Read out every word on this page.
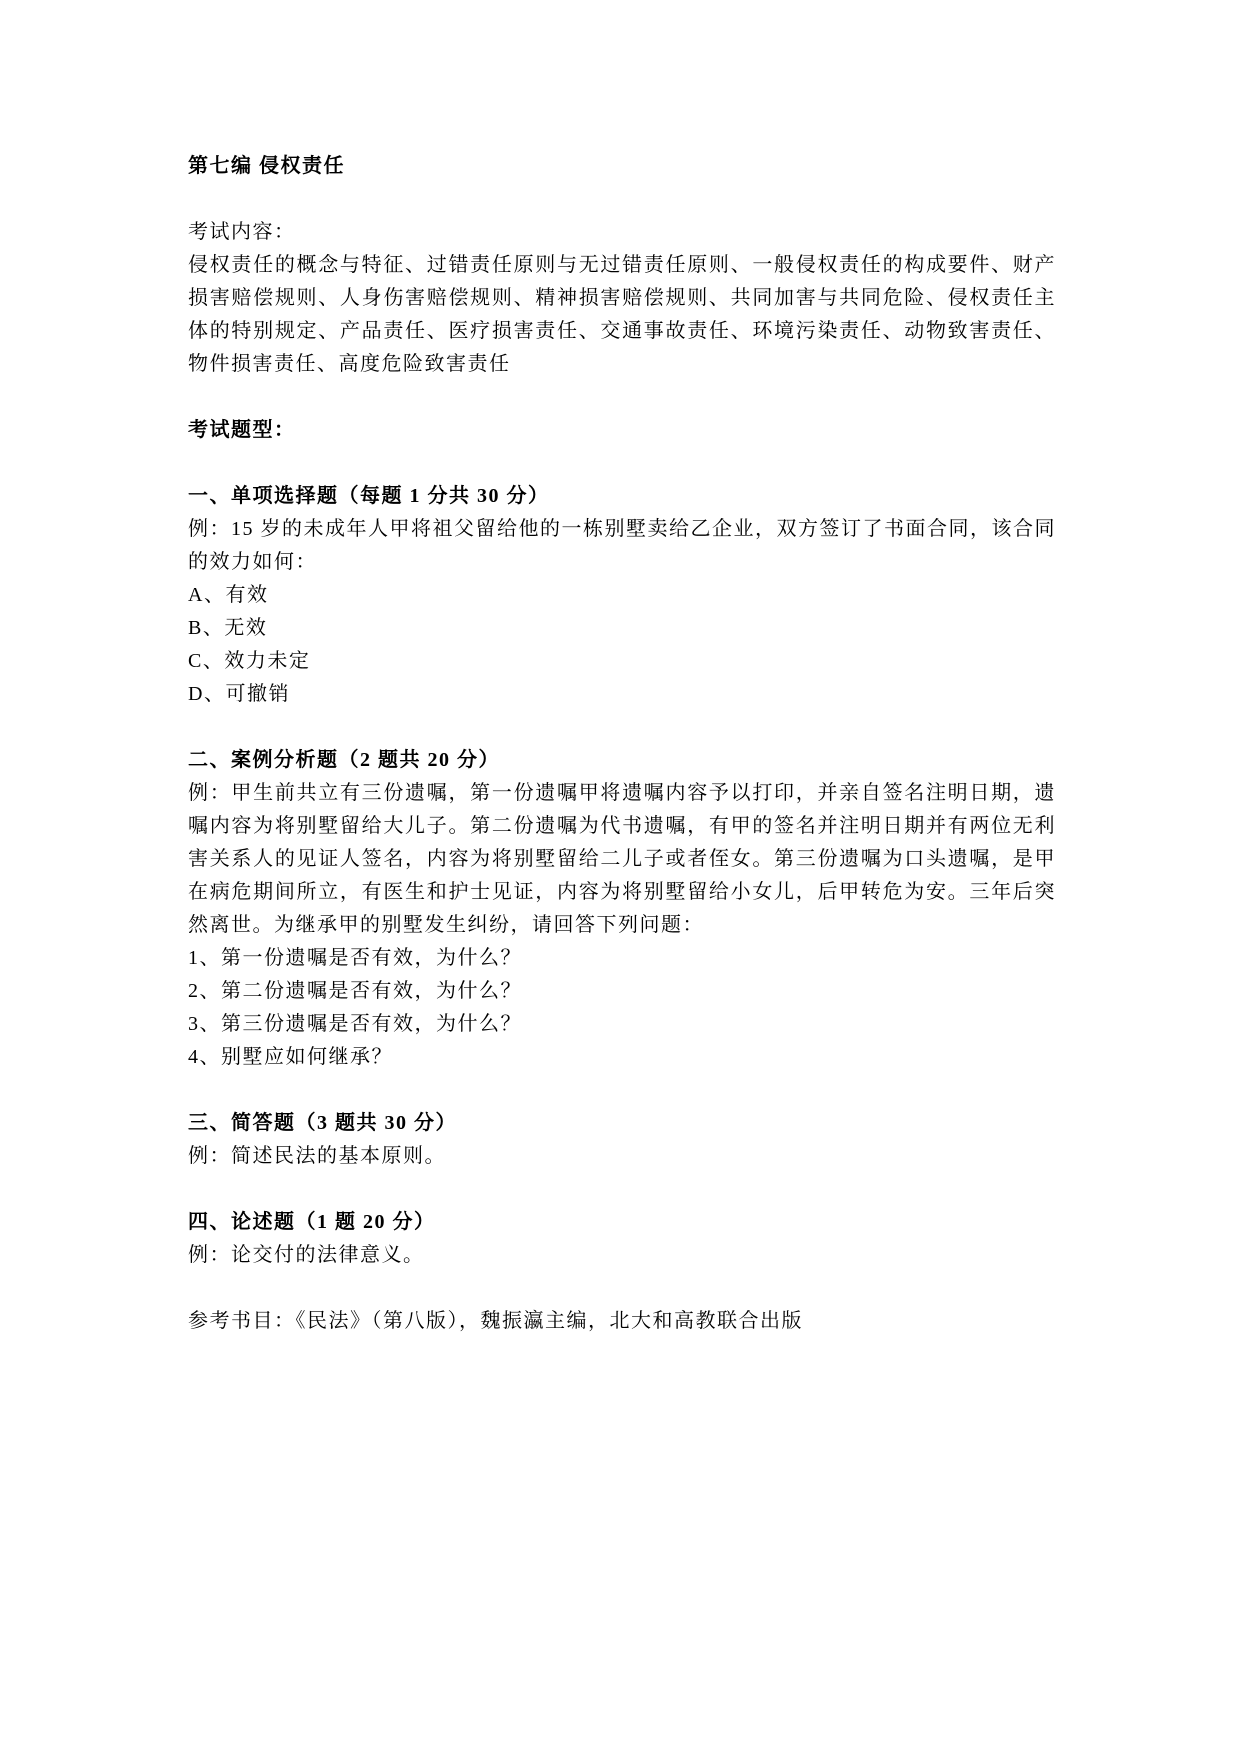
第七编 侵权责任

考试内容：

侵权责任的概念与特征、过错责任原则与无过错责任原则、一般侵权责任的构成要件、财产损害赔偿规则、人身伤害赔偿规则、精神损害赔偿规则、共同加害与共同危险、侵权责任主体的特别规定、产品责任、医疗损害责任、交通事故责任、环境污染责任、动物致害责任、物件损害责任、高度危险致害责任

考试题型：

一、单项选择题（每题 1 分共 30 分）

例：15 岁的未成年人甲将祖父留给他的一栋别墅卖给乙企业，双方签订了书面合同，该合同的效力如何：

A、有效

B、无效

C、效力未定

D、可撤销

二、案例分析题（2 题共 20 分）

例：甲生前共立有三份遗嘱，第一份遗嘱甲将遗嘱内容予以打印，并亲自签名注明日期，遗嘱内容为将别墅留给大儿子。第二份遗嘱为代书遗嘱，有甲的签名并注明日期并有两位无利害关系人的见证人签名，内容为将别墅留给二儿子或者侄女。第三份遗嘱为口头遗嘱，是甲在病危期间所立，有医生和护士见证，内容为将别墅留给小女儿，后甲转危为安。三年后突然离世。为继承甲的别墅发生纠纷，请回答下列问题：

1、第一份遗嘱是否有效，为什么？

2、第二份遗嘱是否有效，为什么？

3、第三份遗嘱是否有效，为什么？

4、别墅应如何继承？

三、简答题（3 题共 30 分）

例：简述民法的基本原则。

四、论述题（1 题 20 分）

例：论交付的法律意义。

参考书目：《民法》（第八版），魏振瀛主编，北大和高教联合出版
